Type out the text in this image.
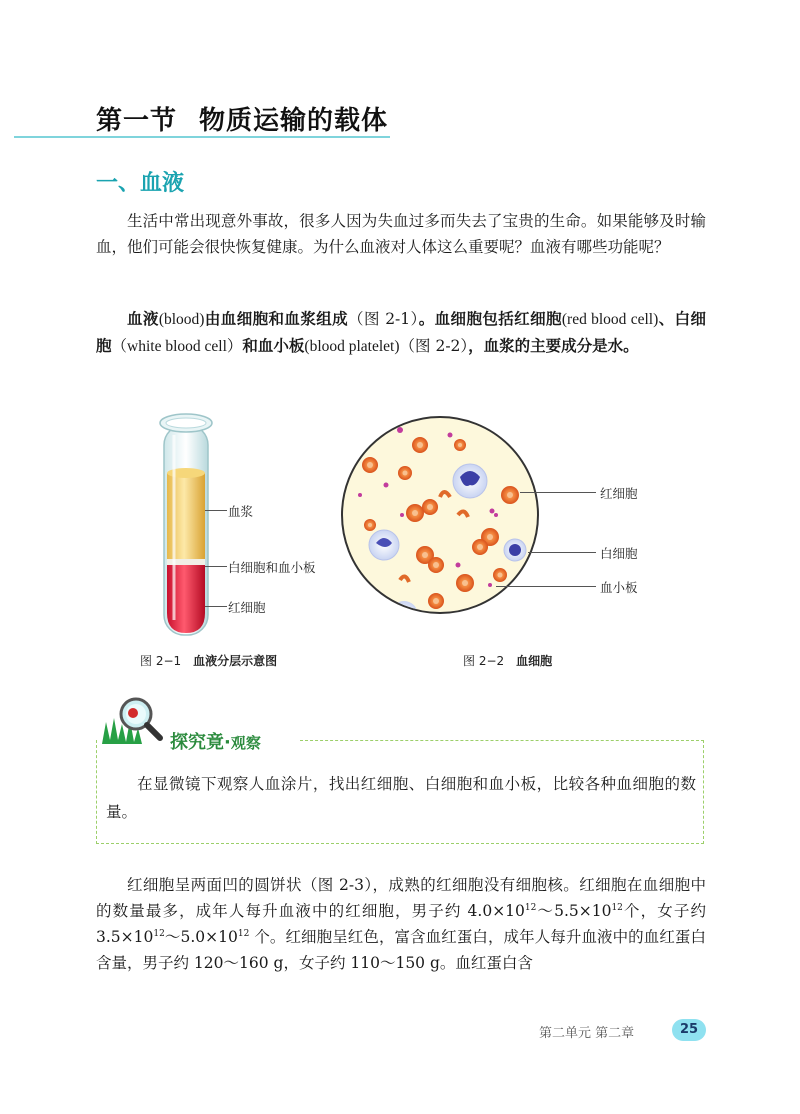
第一节 物质运输的载体
一、血液

生活中常出现意外事故，很多人因为失血过多而失去了宝贵的生命。如果能够及时输血，他们可能会很快恢复健康。为什么血液对人体这么重要呢？血液有哪些功能呢？

血液(blood)由血细胞和血浆组成（图 2-1）。血细胞包括红细胞(red blood cell)、白细胞（white blood cell）和血小板(blood platelet)（图 2-2），血浆的主要成分是水。

血浆
白细胞和血小板
红细胞
图 2−1 血液分层示意图
红细胞
白细胞
血小板
图 2−2 血细胞
探究竟·观察

在显微镜下观察人血涂片，找出红细胞、白细胞和血小板，比较各种血细胞的数量。

红细胞呈两面凹的圆饼状（图 2-3），成熟的红细胞没有细胞核。红细胞在血细胞中的数量最多，成年人每升血液中的红细胞，男子约 $4.0\times 10^{12}\sim 5.5\times 10^{12}$个，女子约 $3.5\times 10^{12}\sim 5.0\times 10^{12}$ 个。红细胞呈红色，富含血红蛋白，成年人每升血液中的血红蛋白含量，男子约 120～160 g，女子约 110～150 g。血红蛋白含

第二单元 第二章	25
